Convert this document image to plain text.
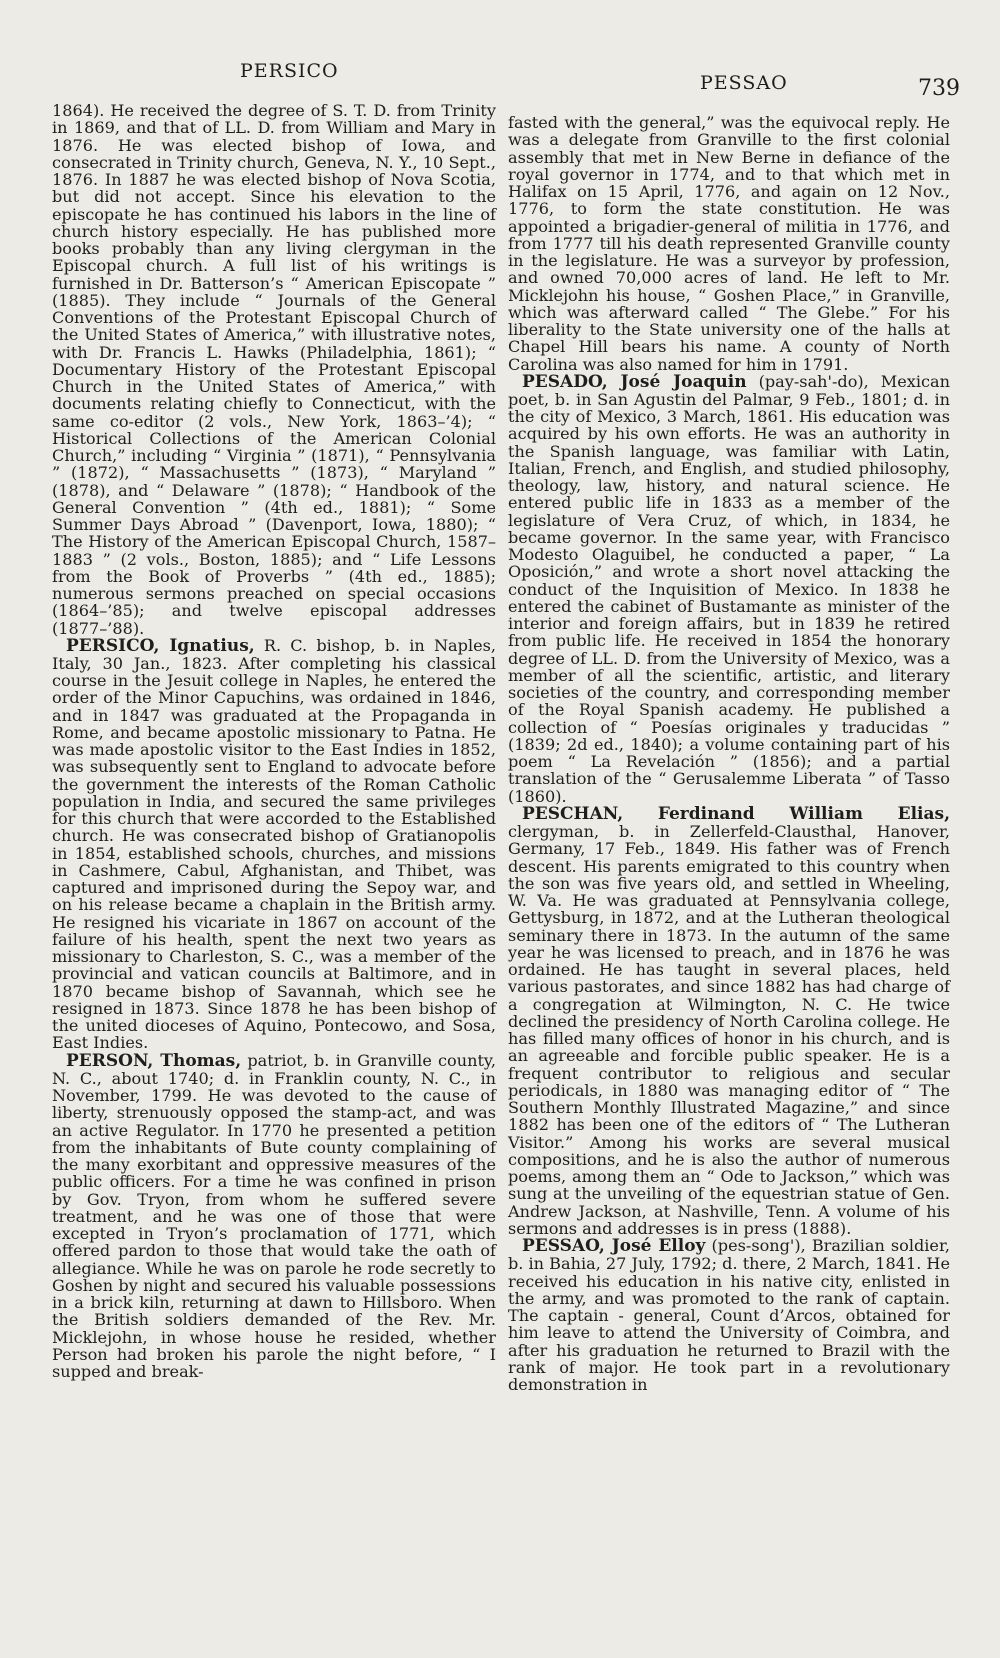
PERSICO
PESSAO	739

1864). He received the degree of S. T. D. from Trinity in 1869, and that of LL. D. from William and Mary in 1876. He was elected bishop of Iowa, and consecrated in Trinity church, Geneva, N. Y., 10 Sept., 1876. In 1887 he was elected bishop of Nova Scotia, but did not accept. Since his elevation to the episcopate he has continued his labors in the line of church history especially. He has published more books probably than any living clergyman in the Episcopal church. A full list of his writings is furnished in Dr. Batterson’s “ American Episcopate ” (1885). They include “ Journals of the General Conventions of the Protestant Episcopal Church of the United States of America,” with illustrative notes, with Dr. Francis L. Hawks (Philadelphia, 1861); “ Documentary History of the Protestant Episcopal Church in the United States of America,” with documents relating chiefly to Connecticut, with the same co-editor (2 vols., New York, 1863–’4); “ Historical Collections of the American Colonial Church,” including “ Virginia ” (1871), “ Pennsylvania ” (1872), “ Massachusetts ” (1873), “ Maryland ” (1878), and “ Delaware ” (1878); “ Handbook of the General Convention ” (4th ed., 1881); “ Some Summer Days Abroad ” (Davenport, Iowa, 1880); “ The History of the American Episcopal Church, 1587–1883 ” (2 vols., Boston, 1885); and “ Life Lessons from the Book of Proverbs ” (4th ed., 1885); numerous sermons preached on special occasions (1864–’85); and twelve episcopal addresses (1877–’88).

PERSICO, Ignatius, R. C. bishop, b. in Naples, Italy, 30 Jan., 1823. After completing his classical course in the Jesuit college in Naples, he entered the order of the Minor Capuchins, was ordained in 1846, and in 1847 was graduated at the Propaganda in Rome, and became apostolic missionary to Patna. He was made apostolic visitor to the East Indies in 1852, was subsequently sent to England to advocate before the government the interests of the Roman Catholic population in India, and secured the same privileges for this church that were accorded to the Established church. He was consecrated bishop of Gratianopolis in 1854, established schools, churches, and missions in Cashmere, Cabul, Afghanistan, and Thibet, was captured and imprisoned during the Sepoy war, and on his release became a chaplain in the British army. He resigned his vicariate in 1867 on account of the failure of his health, spent the next two years as missionary to Charleston, S. C., was a member of the provincial and vatican councils at Baltimore, and in 1870 became bishop of Savannah, which see he resigned in 1873. Since 1878 he has been bishop of the united dioceses of Aquino, Pontecowo, and Sosa, East Indies.

PERSON, Thomas, patriot, b. in Granville county, N. C., about 1740; d. in Franklin county, N. C., in November, 1799. He was devoted to the cause of liberty, strenuously opposed the stamp-act, and was an active Regulator. In 1770 he presented a petition from the inhabitants of Bute county complaining of the many exorbitant and oppressive measures of the public officers. For a time he was confined in prison by Gov. Tryon, from whom he suffered severe treatment, and he was one of those that were excepted in Tryon’s proclamation of 1771, which offered pardon to those that would take the oath of allegiance. While he was on parole he rode secretly to Goshen by night and secured his valuable possessions in a brick kiln, returning at dawn to Hillsboro. When the British soldiers demanded of the Rev. Mr. Micklejohn, in whose house he resided, whether Person had broken his parole the night before, “ I supped and break-

fasted with the general,” was the equivocal reply. He was a delegate from Granville to the first colonial assembly that met in New Berne in defiance of the royal governor in 1774, and to that which met in Halifax on 15 April, 1776, and again on 12 Nov., 1776, to form the state constitution. He was appointed a brigadier-general of militia in 1776, and from 1777 till his death represented Granville county in the legislature. He was a surveyor by profession, and owned 70,000 acres of land. He left to Mr. Micklejohn his house, “ Goshen Place,” in Granville, which was afterward called “ The Glebe.” For his liberality to the State university one of the halls at Chapel Hill bears his name. A county of North Carolina was also named for him in 1791.

PESADO, José Joaquin (pay-sah'-do), Mexican poet, b. in San Agustin del Palmar, 9 Feb., 1801; d. in the city of Mexico, 3 March, 1861. His education was acquired by his own efforts. He was an authority in the Spanish language, was familiar with Latin, Italian, French, and English, and studied philosophy, theology, law, history, and natural science. He entered public life in 1833 as a member of the legislature of Vera Cruz, of which, in 1834, he became governor. In the same year, with Francisco Modesto Olaguibel, he conducted a paper, “ La Oposición,” and wrote a short novel attacking the conduct of the Inquisition of Mexico. In 1838 he entered the cabinet of Bustamante as minister of the interior and foreign affairs, but in 1839 he retired from public life. He received in 1854 the honorary degree of LL. D. from the University of Mexico, was a member of all the scientific, artistic, and literary societies of the country, and corresponding member of the Royal Spanish academy. He published a collection of “ Poesías originales y traducidas ” (1839; 2d ed., 1840); a volume containing part of his poem “ La Revelación ” (1856); and a partial translation of the “ Gerusalemme Liberata ” of Tasso (1860).

PESCHAN, Ferdinand William Elias, clergyman, b. in Zellerfeld-Clausthal, Hanover, Germany, 17 Feb., 1849. His father was of French descent. His parents emigrated to this country when the son was five years old, and settled in Wheeling, W. Va. He was graduated at Pennsylvania college, Gettysburg, in 1872, and at the Lutheran theological seminary there in 1873. In the autumn of the same year he was licensed to preach, and in 1876 he was ordained. He has taught in several places, held various pastorates, and since 1882 has had charge of a congregation at Wilmington, N. C. He twice declined the presidency of North Carolina college. He has filled many offices of honor in his church, and is an agreeable and forcible public speaker. He is a frequent contributor to religious and secular periodicals, in 1880 was managing editor of “ The Southern Monthly Illustrated Magazine,” and since 1882 has been one of the editors of “ The Lutheran Visitor.” Among his works are several musical compositions, and he is also the author of numerous poems, among them an “ Ode to Jackson,” which was sung at the unveiling of the equestrian statue of Gen. Andrew Jackson, at Nashville, Tenn. A volume of his sermons and addresses is in press (1888).

PESSAO, José Elloy (pes-song'), Brazilian soldier, b. in Bahia, 27 July, 1792; d. there, 2 March, 1841. He received his education in his native city, enlisted in the army, and was promoted to the rank of captain. The captain - general, Count d’Arcos, obtained for him leave to attend the University of Coimbra, and after his graduation he returned to Brazil with the rank of major. He took part in a revolutionary demonstration in
